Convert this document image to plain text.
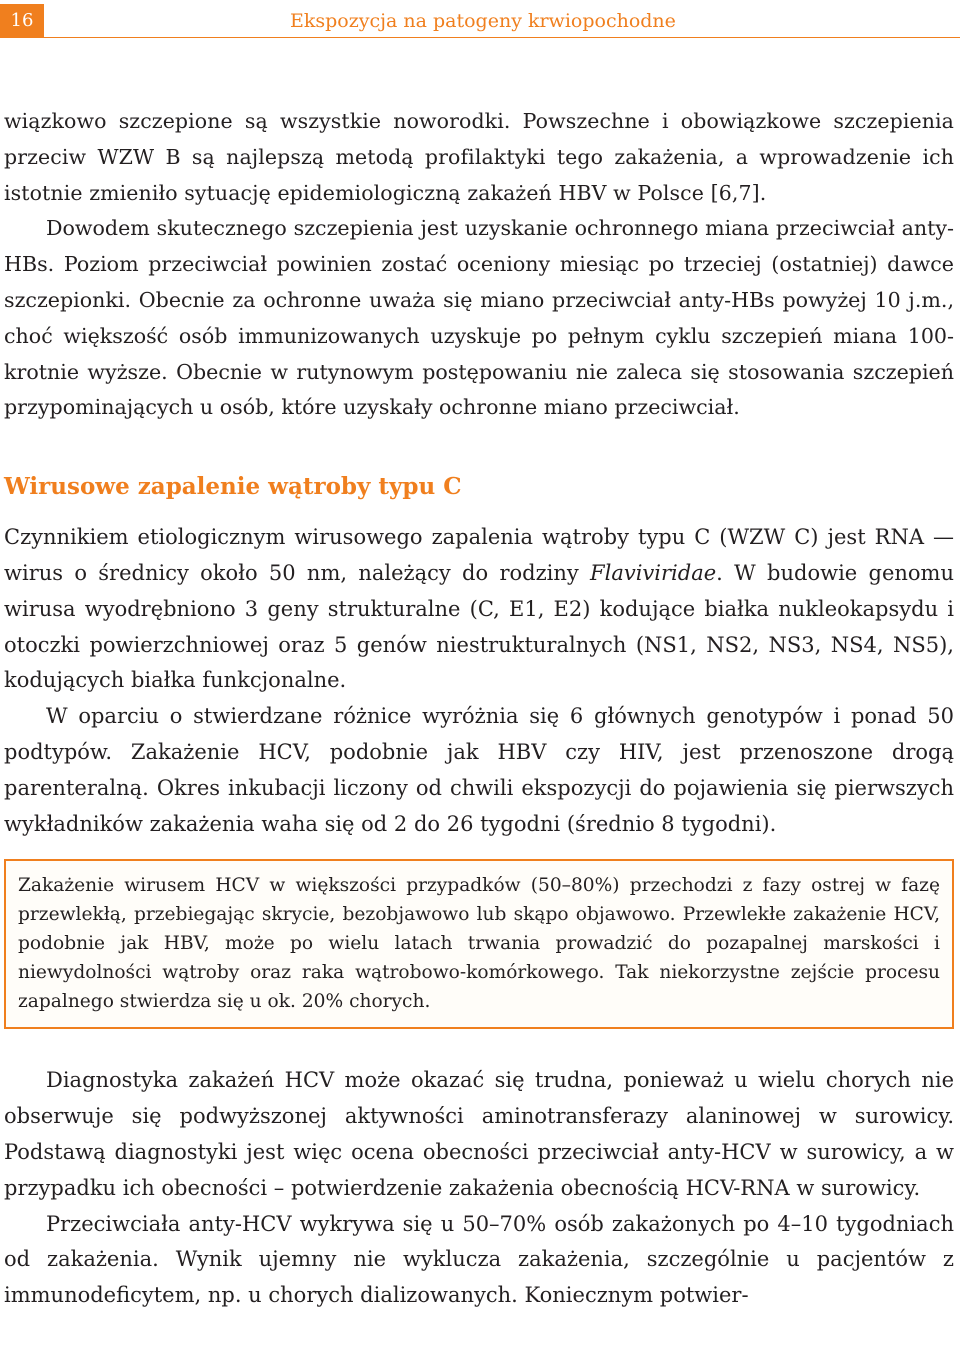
16	Ekspozycja na patogeny krwiopochodne

wiązkowo szczepione są wszystkie noworodki. Powszechne i obowiązkowe szczepienia przeciw WZW B są najlepszą metodą profilaktyki tego zakażenia, a wprowadzenie ich istotnie zmieniło sytuację epidemiologiczną zakażeń HBV w Polsce [6,7].

Dowodem skutecznego szczepienia jest uzyskanie ochronnego miana przeciwciał anty-HBs. Poziom przeciwciał powinien zostać oceniony miesiąc po trzeciej (ostatniej) dawce szczepionki. Obecnie za ochronne uważa się miano przeciwciał anty-HBs powyżej 10 j.m., choć większość osób immunizowanych uzyskuje po pełnym cyklu szczepień miana 100-krotnie wyższe. Obecnie w rutynowym postępowaniu nie zaleca się stosowania szczepień przypominających u osób, które uzyskały ochronne miano przeciwciał.

Wirusowe zapalenie wątroby typu C

Czynnikiem etiologicznym wirusowego zapalenia wątroby typu C (WZW C) jest RNA — wirus o średnicy około 50 nm, należący do rodziny Flaviviridae. W budowie genomu wirusa wyodrębniono 3 geny strukturalne (C, E1, E2) kodujące białka nukleokapsydu i otoczki powierzchniowej oraz 5 genów niestrukturalnych (NS1, NS2, NS3, NS4, NS5), kodujących białka funkcjonalne.

W oparciu o stwierdzane różnice wyróżnia się 6 głównych genotypów i ponad 50 podtypów. Zakażenie HCV, podobnie jak HBV czy HIV, jest przenoszone drogą parenteralną. Okres inkubacji liczony od chwili ekspozycji do pojawienia się pierwszych wykładników zakażenia waha się od 2 do 26 tygodni (średnio 8 tygodni).

Zakażenie wirusem HCV w większości przypadków (50–80%) przechodzi z fazy ostrej w fazę przewlekłą, przebiegając skrycie, bezobjawowo lub skąpo objawowo. Przewlekłe zakażenie HCV, podobnie jak HBV, może po wielu latach trwania prowadzić do pozapalnej marskości i niewydolności wątroby oraz raka wątrobowo-komórkowego. Tak niekorzystne zejście procesu zapalnego stwierdza się u ok. 20% chorych.

Diagnostyka zakażeń HCV może okazać się trudna, ponieważ u wielu chorych nie obserwuje się podwyższonej aktywności aminotransferazy alaninowej w surowicy. Podstawą diagnostyki jest więc ocena obecności przeciwciał anty-HCV w surowicy, a w przypadku ich obecności – potwierdzenie zakażenia obecnością HCV-RNA w surowicy.

Przeciwciała anty-HCV wykrywa się u 50–70% osób zakażonych po 4–10 tygodniach od zakażenia. Wynik ujemny nie wyklucza zakażenia, szczególnie u pacjentów z immunodeficytem, np. u chorych dializowanych. Koniecznym potwier-
